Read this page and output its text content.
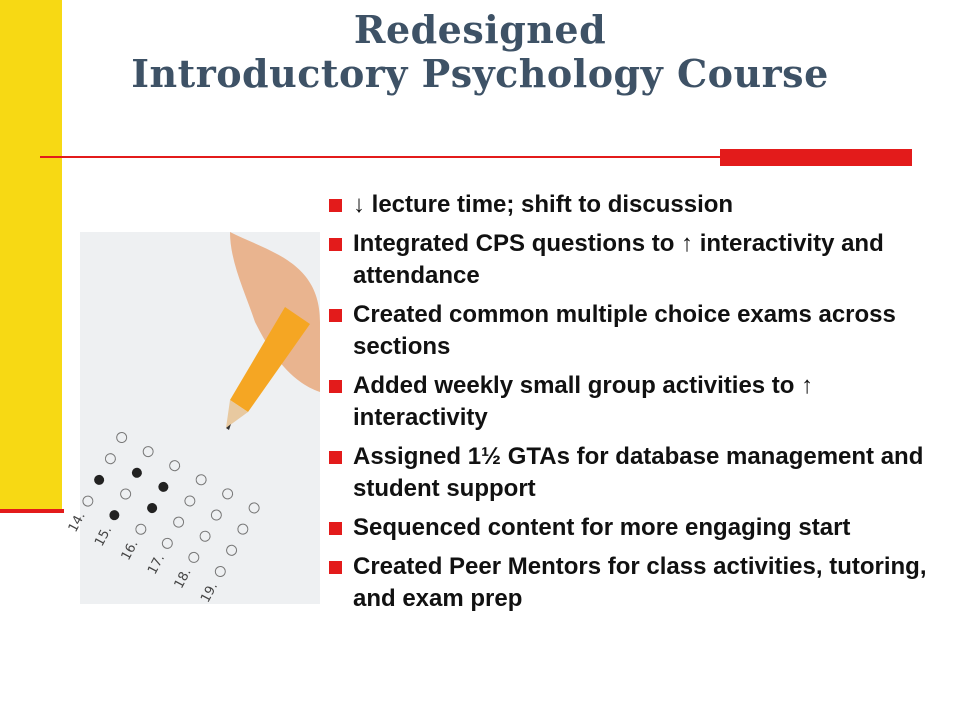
Redesigned
Introductory Psychology Course
14.
15.
16.
17.
18.
19.
↓ lecture time; shift to discussion
Integrated CPS questions to ↑ interactivity and attendance
Created common multiple choice exams across sections
Added weekly small group activities to ↑ interactivity
Assigned 1½ GTAs for database management and student support
Sequenced content for more engaging start
Created Peer Mentors for class activities, tutoring, and exam prep
